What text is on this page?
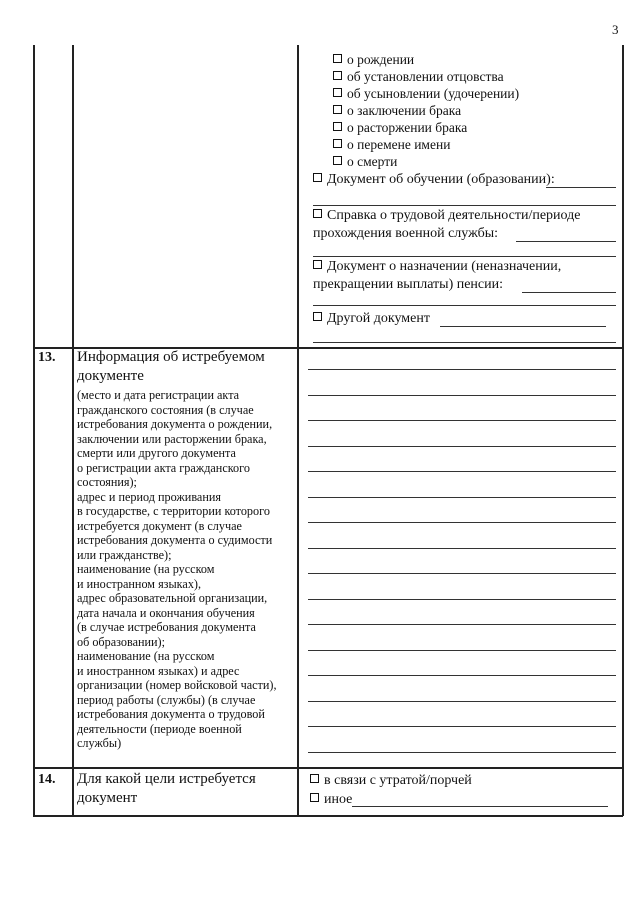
3
о рождении
об установлении отцовства
об усыновлении (удочерении)
о заключении брака
о расторжении брака
о перемене имени
о смерти
Документ об обучении (образовании):
Справка о трудовой деятельности/периоде
прохождения военной службы:
Документ о назначении (неназначении,
прекращении выплаты) пенсии:
Другой документ
13. Информация об истребуемом
документе
(место и дата регистрации акта
гражданского состояния (в случае
истребования документа о рождении,
заключении или расторжении брака,
смерти или другого документа
о регистрации акта гражданского
состояния);
адрес и период проживания
в государстве, с территории которого
истребуется документ (в случае
истребования документа о судимости
или гражданстве);
наименование (на русском
и иностранном языках),
адрес образовательной организации,
дата начала и окончания обучения
(в случае истребования документа
об образовании);
наименование (на русском
и иностранном языках) и адрес
организации (номер войсковой части),
период работы (службы) (в случае
истребования документа о трудовой
деятельности (периоде военной
службы)
14. Для какой цели истребуется
документ
в связи с утратой/порчей
иное
